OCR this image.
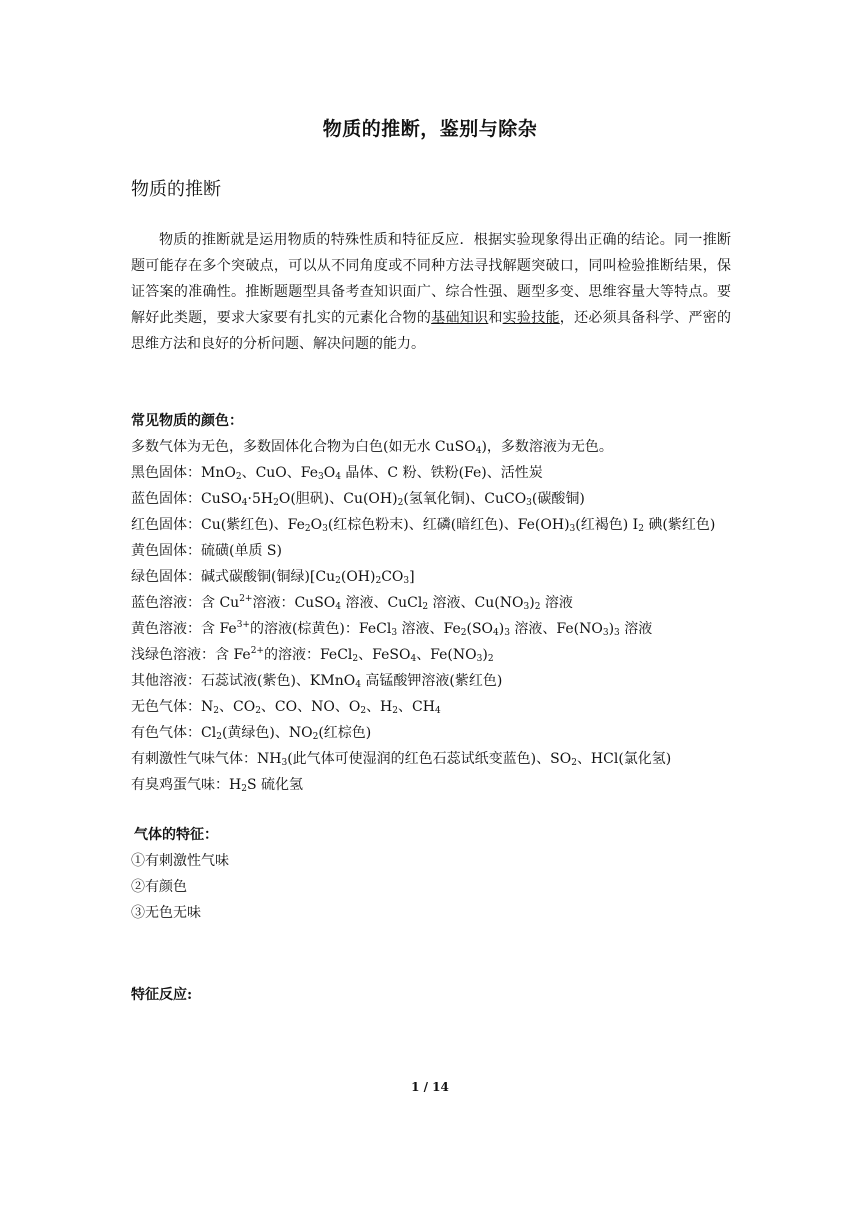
物质的推断，鉴别与除杂
物质的推断
物质的推断就是运用物质的特殊性质和特征反应．根据实验现象得出正确的结论。同一推断题可能存在多个突破点，可以从不同角度或不同种方法寻找解题突破口，同叫检验推断结果，保证答案的准确性。推断题题型具备考查知识面广、综合性强、题型多变、思维容量大等特点。要解好此类题，要求大家要有扎实的元素化合物的基础知识和实验技能，还必须具备科学、严密的思维方法和良好的分析问题、解决问题的能力。
常见物质的颜色：
多数气体为无色，多数固体化合物为白色(如无水 CuSO$_4$)，多数溶液为无色。
黑色固体：MnO$_2$、CuO、$Fe_3O_4$ 晶体、C 粉、铁粉(Fe)、活性炭
蓝色固体：$CuSO_4\cdot 5H_2O$(胆矾)、$Cu(OH)_2$(氢氧化铜)、CuCO$_3$(碳酸铜)
红色固体：Cu(紫红色)、$Fe_2O_3$(红棕色粉末)、红磷(暗红色)、$Fe(OH)_3$(红褐色) $I_2$ 碘(紫红色)
黄色固体：硫磺(单质 S)
绿色固体：碱式碳酸铜(铜绿)$[Cu_2(OH)_2CO_3]$
蓝色溶液：含 $Cu^{2+}$溶液：CuSO$_4$ 溶液、CuCl$_2$ 溶液、$Cu(NO_3)_2$ 溶液
黄色溶液：含 $Fe^{3+}$的溶液(棕黄色)：FeCl$_3$ 溶液、$Fe_2(SO_4)_3$ 溶液、$Fe(NO_3)_3$ 溶液
浅绿色溶液：含 $Fe^{2+}$的溶液：FeCl$_2$、FeSO$_4$、$Fe(NO_3)_2$
其他溶液：石蕊试液(紫色)、KMnO$_4$ 高锰酸钾溶液(紫红色)
无色气体：$N_2$、$CO_2$、CO、NO、$O_2$、$H_2$、$CH_4$
有色气体：$Cl_2$(黄绿色)、$NO_2$(红棕色)
有刺激性气味气体：$NH_3$(此气体可使湿润的红色石蕊试纸变蓝色)、$SO_2$、HCl(氯化氢)
有臭鸡蛋气味：$H_2S$ 硫化氢
气体的特征：
①有刺激性气味
②有颜色
③无色无味
特征反应:
1 / 14
